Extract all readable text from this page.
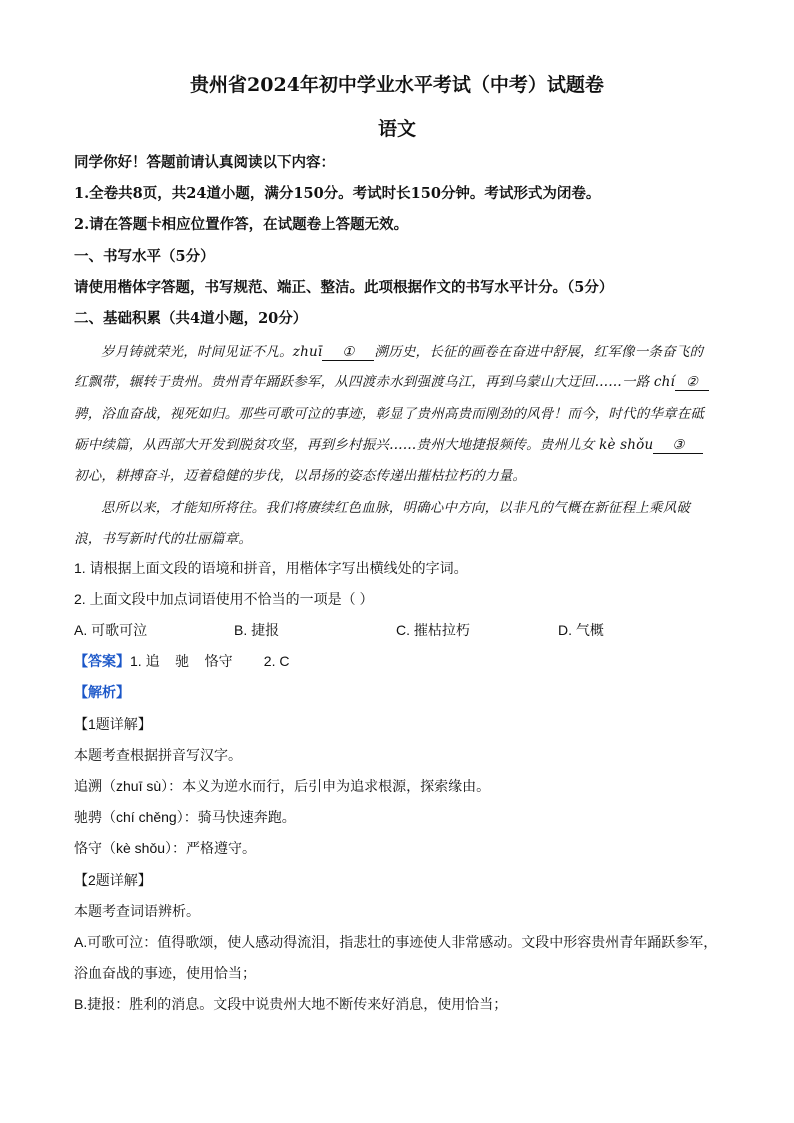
贵州省2024年初中学业水平考试（中考）试题卷
语文
同学你好！答题前请认真阅读以下内容：
1.全卷共8页，共24道小题，满分150分。考试时长150分钟。考试形式为闭卷。
2.请在答题卡相应位置作答，在试题卷上答题无效。
一、书写水平（5分）
请使用楷体字答题，书写规范、端正、整洁。此项根据作文的书写水平计分。（5分）
二、基础积累（共4道小题，20分）
岁月铸就荣光，时间见证不凡。zhuī ① 溯历史，长征的画卷在奋进中舒展，红军像一条奋飞的
红飘带，辗转于贵州。贵州青年踊跃参军，从四渡赤水到强渡乌江，再到乌蒙山大迂回……一路 chí ②
骋，浴血奋战，视死如归。那些可歌可泣的事迹，彰显了贵州高贵而刚劲的风骨！而今，时代的华章在砥
砺中续篇，从西部大开发到脱贫攻坚，再到乡村振兴……贵州大地捷报频传。贵州儿女 kè shǒu ③
初心，耕搏奋斗，迈着稳健的步伐，以昂扬的姿态传递出摧枯拉朽的力量。
思所以来，才能知所将往。我们将赓续红色血脉，明确心中方向，以非凡的气概在新征程上乘风破
浪，书写新时代的壮丽篇章。
1. 请根据上面文段的语境和拼音，用楷体字写出横线处的字词。
2. 上面文段中加点词语使用不恰当的一项是（ ）
A. 可歌可泣	B. 捷报	C. 摧枯拉朽	D. 气概
【答案】1. 追    驰    恪守        2. C
【解析】
【1题详解】
本题考查根据拼音写汉字。
追溯（zhuī sù）：本义为逆水而行，后引申为追求根源，探索缘由。
驰骋（chí chěng）：骑马快速奔跑。
恪守（kè shǒu）：严格遵守。
【2题详解】
本题考查词语辨析。
A.可歌可泣：值得歌颂，使人感动得流泪，指悲壮的事迹使人非常感动。文段中形容贵州青年踊跃参军，
浴血奋战的事迹，使用恰当；
B.捷报：胜利的消息。文段中说贵州大地不断传来好消息，使用恰当；
